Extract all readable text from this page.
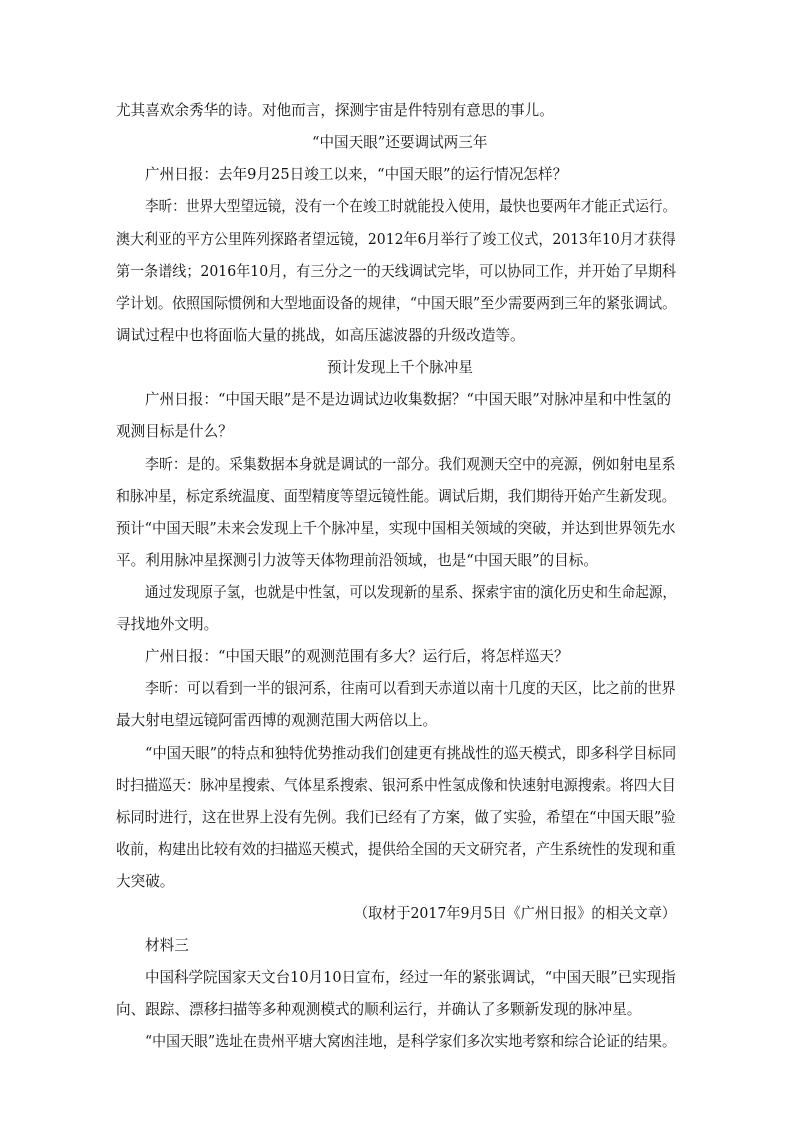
尤其喜欢余秀华的诗。对他而言，探测宇宙是件特别有意思的事儿。
“中国天眼”还要调试两三年
广州日报：去年9月25日竣工以来，“中国天眼”的运行情况怎样？
李昕：世界大型望远镜，没有一个在竣工时就能投入使用，最快也要两年才能正式运行。
澳大利亚的平方公里阵列探路者望远镜，2012年6月举行了竣工仪式，2013年10月才获得
第一条谱线；2016年10月，有三分之一的天线调试完毕，可以协同工作，并开始了早期科
学计划。依照国际惯例和大型地面设备的规律，“中国天眼”至少需要两到三年的紧张调试。
调试过程中也将面临大量的挑战，如高压滤波器的升级改造等。
预计发现上千个脉冲星
广州日报：“中国天眼”是不是边调试边收集数据？“中国天眼”对脉冲星和中性氢的
观测目标是什么？
李昕：是的。采集数据本身就是调试的一部分。我们观测天空中的亮源，例如射电星系
和脉冲星，标定系统温度、面型精度等望远镜性能。调试后期，我们期待开始产生新发现。
预计“中国天眼”未来会发现上千个脉冲星，实现中国相关领域的突破，并达到世界领先水
平。利用脉冲星探测引力波等天体物理前沿领域，也是“中国天眼”的目标。
通过发现原子氢，也就是中性氢，可以发现新的星系、探索宇宙的演化历史和生命起源，
寻找地外文明。
广州日报：“中国天眼”的观测范围有多大？运行后，将怎样巡天？
李昕：可以看到一半的银河系，往南可以看到天赤道以南十几度的天区，比之前的世界
最大射电望远镜阿雷西博的观测范围大两倍以上。
“中国天眼”的特点和独特优势推动我们创建更有挑战性的巡天模式，即多科学目标同
时扫描巡天：脉冲星搜索、气体星系搜索、银河系中性氢成像和快速射电源搜索。将四大目
标同时进行，这在世界上没有先例。我们已经有了方案，做了实验，希望在“中国天眼”验
收前，构建出比较有效的扫描巡天模式，提供给全国的天文研究者，产生系统性的发现和重
大突破。
（取材于2017年9月5日《广州日报》的相关文章）
材料三
中国科学院国家天文台10月10日宣布，经过一年的紧张调试，“中国天眼”已实现指
向、跟踪、漂移扫描等多种观测模式的顺利运行，并确认了多颗新发现的脉冲星。
“中国天眼”选址在贵州平塘大窝凼洼地，是科学家们多次实地考察和综合论证的结果。
